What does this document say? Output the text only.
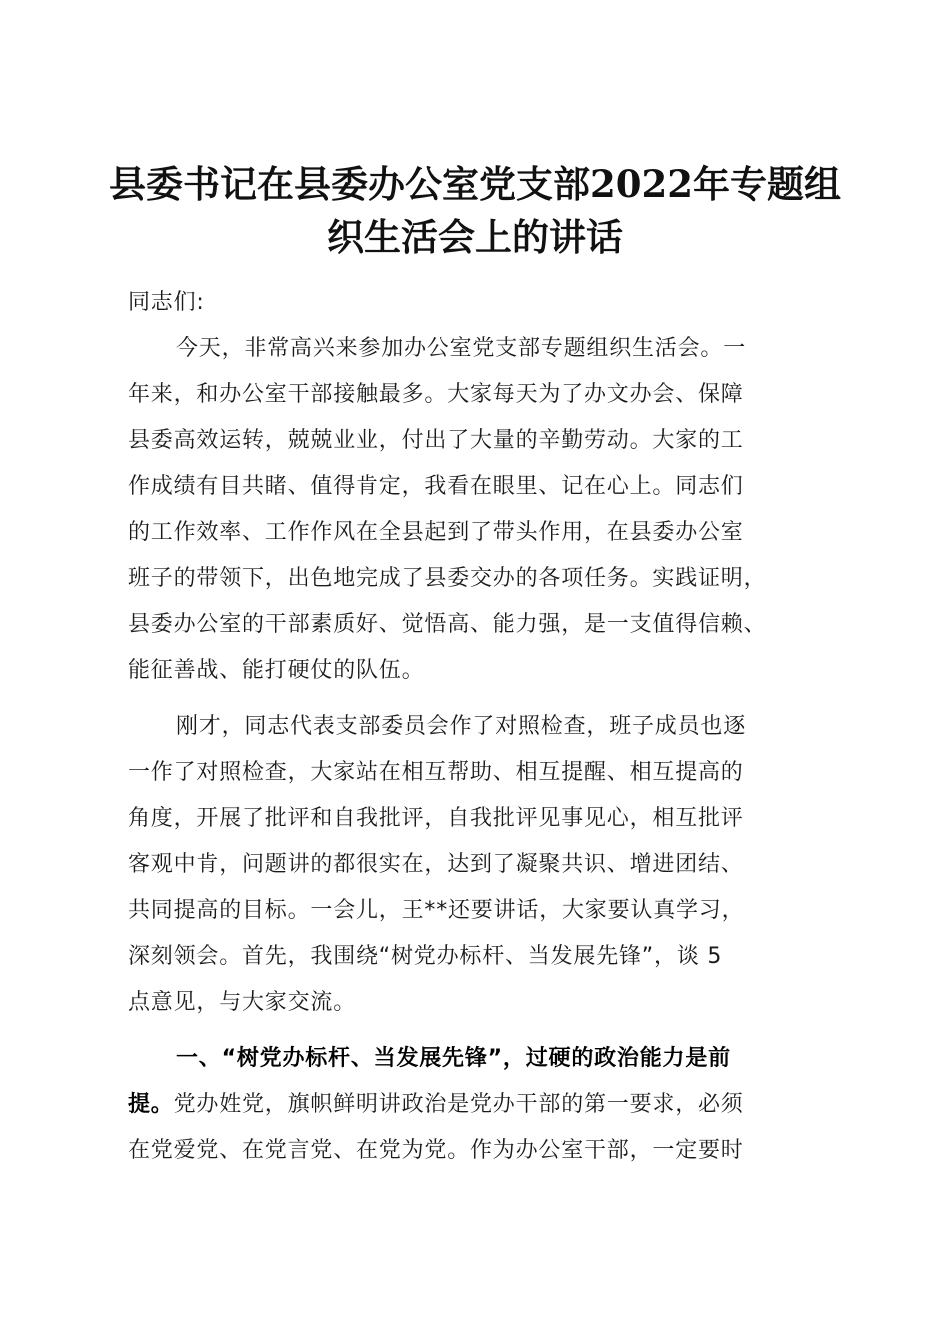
县委书记在县委办公室党支部2022年专题组
织生活会上的讲话
同志们:
今天，非常高兴来参加办公室党支部专题组织生活会。一
年来，和办公室干部接触最多。大家每天为了办文办会、保障
县委高效运转，兢兢业业，付出了大量的辛勤劳动。大家的工
作成绩有目共睹、值得肯定，我看在眼里、记在心上。同志们
的工作效率、工作作风在全县起到了带头作用，在县委办公室
班子的带领下，出色地完成了县委交办的各项任务。实践证明，
县委办公室的干部素质好、觉悟高、能力强，是一支值得信赖、
能征善战、能打硬仗的队伍。
刚才，同志代表支部委员会作了对照检查，班子成员也逐
一作了对照检查，大家站在相互帮助、相互提醒、相互提高的
角度，开展了批评和自我批评，自我批评见事见心，相互批评
客观中肯，问题讲的都很实在，达到了凝聚共识、增进团结、
共同提高的目标。一会儿，王**还要讲话，大家要认真学习，
深刻领会。首先，我围绕“树党办标杆、当发展先锋”，谈 5
点意见，与大家交流。
一、“树党办标杆、当发展先锋”，过硬的政治能力是前
提。党办姓党，旗帜鲜明讲政治是党办干部的第一要求，必须
在党爱党、在党言党、在党为党。作为办公室干部，一定要时
